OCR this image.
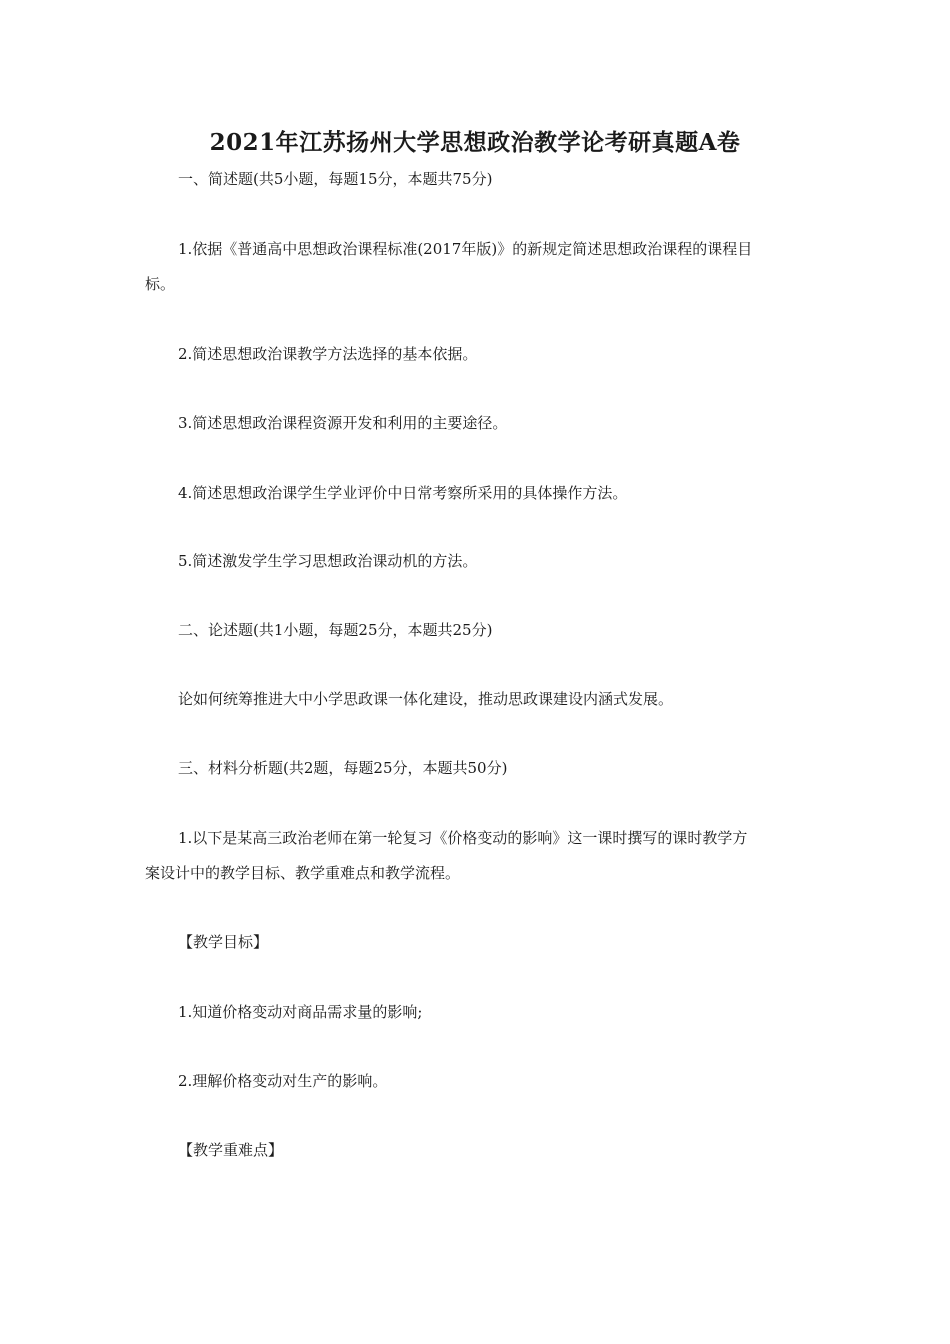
2021年江苏扬州大学思想政治教学论考研真题A卷
一、简述题(共5小题，每题15分，本题共75分)
1.依据《普通高中思想政治课程标准(2017年版)》的新规定简述思想政治课程的课程目
标。
2.简述思想政治课教学方法选择的基本依据。
3.简述思想政治课程资源开发和利用的主要途径。
4.简述思想政治课学生学业评价中日常考察所采用的具体操作方法。
5.简述激发学生学习思想政治课动机的方法。
二、论述题(共1小题，每题25分，本题共25分)
论如何统筹推进大中小学思政课一体化建设，推动思政课建设内涵式发展。
三、材料分析题(共2题，每题25分，本题共50分)
1.以下是某高三政治老师在第一轮复习《价格变动的影响》这一课时撰写的课时教学方
案设计中的教学目标、教学重难点和教学流程。
【教学目标】
1.知道价格变动对商品需求量的影响;
2.理解价格变动对生产的影响。
【教学重难点】
